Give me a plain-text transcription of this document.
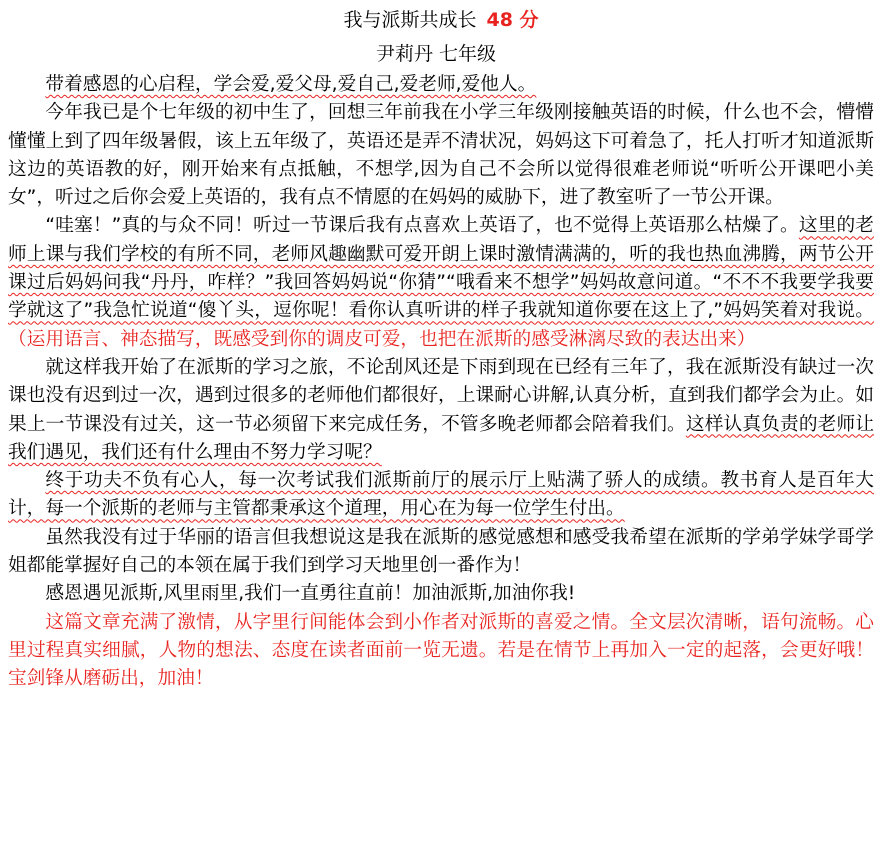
我与派斯共成长 48 分
尹莉丹 七年级

带着感恩的心启程，学会爱,爱父母,爱自己,爱老师,爱他人。

今年我已是个七年级的初中生了，回想三年前我在小学三年级刚接触英语的时候，什么也不会，懵懵懂懂上到了四年级暑假，该上五年级了，英语还是弄不清状况，妈妈这下可着急了，托人打听才知道派斯这边的英语教的好，刚开始来有点抵触，不想学,因为自己不会所以觉得很难老师说“听听公开课吧小美女”，听过之后你会爱上英语的，我有点不情愿的在妈妈的威胁下，进了教室听了一节公开课。

“哇塞！”真的与众不同！听过一节课后我有点喜欢上英语了，也不觉得上英语那么枯燥了。这里的老师上课与我们学校的有所不同，老师风趣幽默可爱开朗上课时激情满满的，听的我也热血沸腾，两节公开课过后妈妈问我“丹丹，咋样？”我回答妈妈说“你猜”“哦看来不想学”妈妈故意问道。“不不不我要学我要学就这了”我急忙说道“傻丫头，逗你呢！看你认真听讲的样子我就知道你要在这上了,”妈妈笑着对我说。（运用语言、神态描写，既感受到你的调皮可爱，也把在派斯的感受淋漓尽致的表达出来）

就这样我开始了在派斯的学习之旅，不论刮风还是下雨到现在已经有三年了，我在派斯没有缺过一次课也没有迟到过一次，遇到过很多的老师他们都很好，上课耐心讲解,认真分析，直到我们都学会为止。如果上一节课没有过关，这一节必须留下来完成任务，不管多晚老师都会陪着我们。这样认真负责的老师让我们遇见，我们还有什么理由不努力学习呢？

终于功夫不负有心人，每一次考试我们派斯前厅的展示厅上贴满了骄人的成绩。教书育人是百年大计，每一个派斯的老师与主管都秉承这个道理，用心在为每一位学生付出。

虽然我没有过于华丽的语言但我想说这是我在派斯的感觉感想和感受我希望在派斯的学弟学妹学哥学姐都能掌握好自己的本领在属于我们到学习天地里创一番作为！

感恩遇见派斯,风里雨里,我们一直勇往直前！加油派斯,加油你我!

这篇文章充满了激情，从字里行间能体会到小作者对派斯的喜爱之情。全文层次清晰，语句流畅。心里过程真实细腻，人物的想法、态度在读者面前一览无遗。若是在情节上再加入一定的起落，会更好哦！宝剑锋从磨砺出，加油！
